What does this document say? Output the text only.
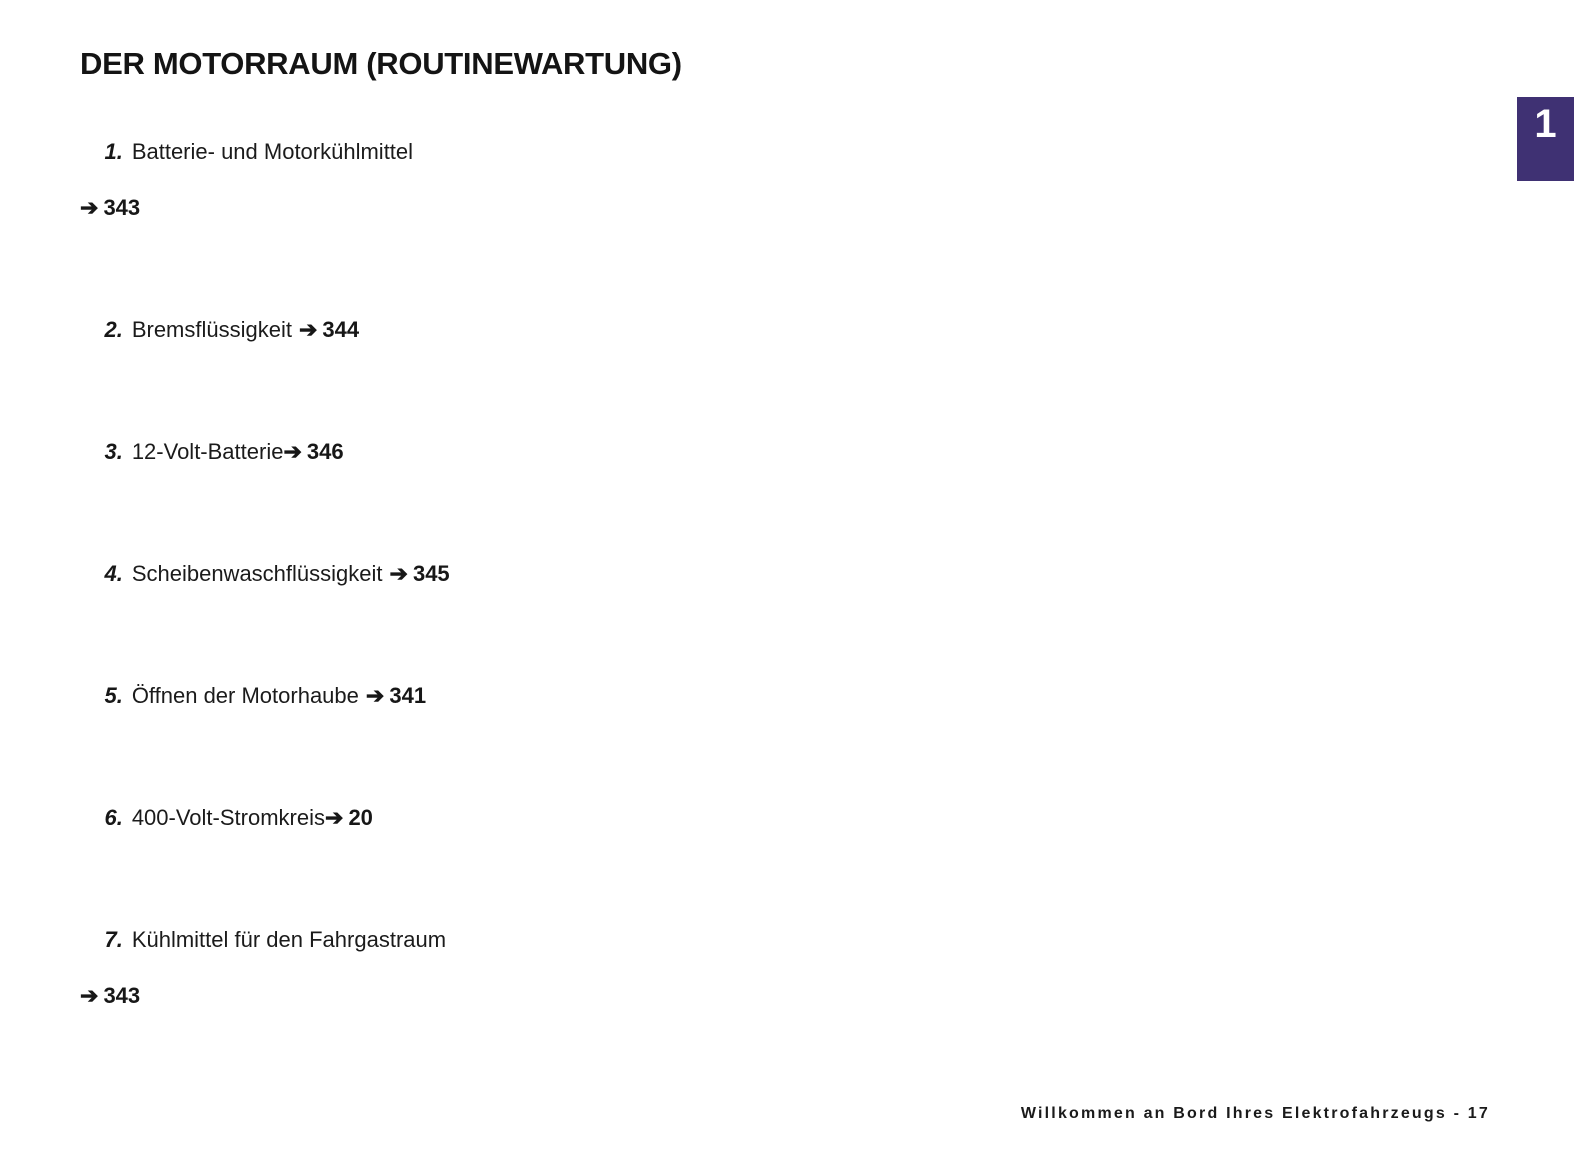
DER MOTORRAUM (ROUTINEWARTUNG)

1. Batterie- und Motorkühlmittel

➔ 343

2. Bremsflüssigkeit ➔ 344

3. 12-Volt-Batterie➔ 346

4. Scheibenwaschflüssigkeit ➔ 345

5. Öffnen der Motorhaube ➔ 341

6. 400-Volt-Stromkreis➔ 20

7. Kühlmittel für den Fahrgastraum

➔ 343

1
Willkommen an Bord Ihres Elektrofahrzeugs - 17
